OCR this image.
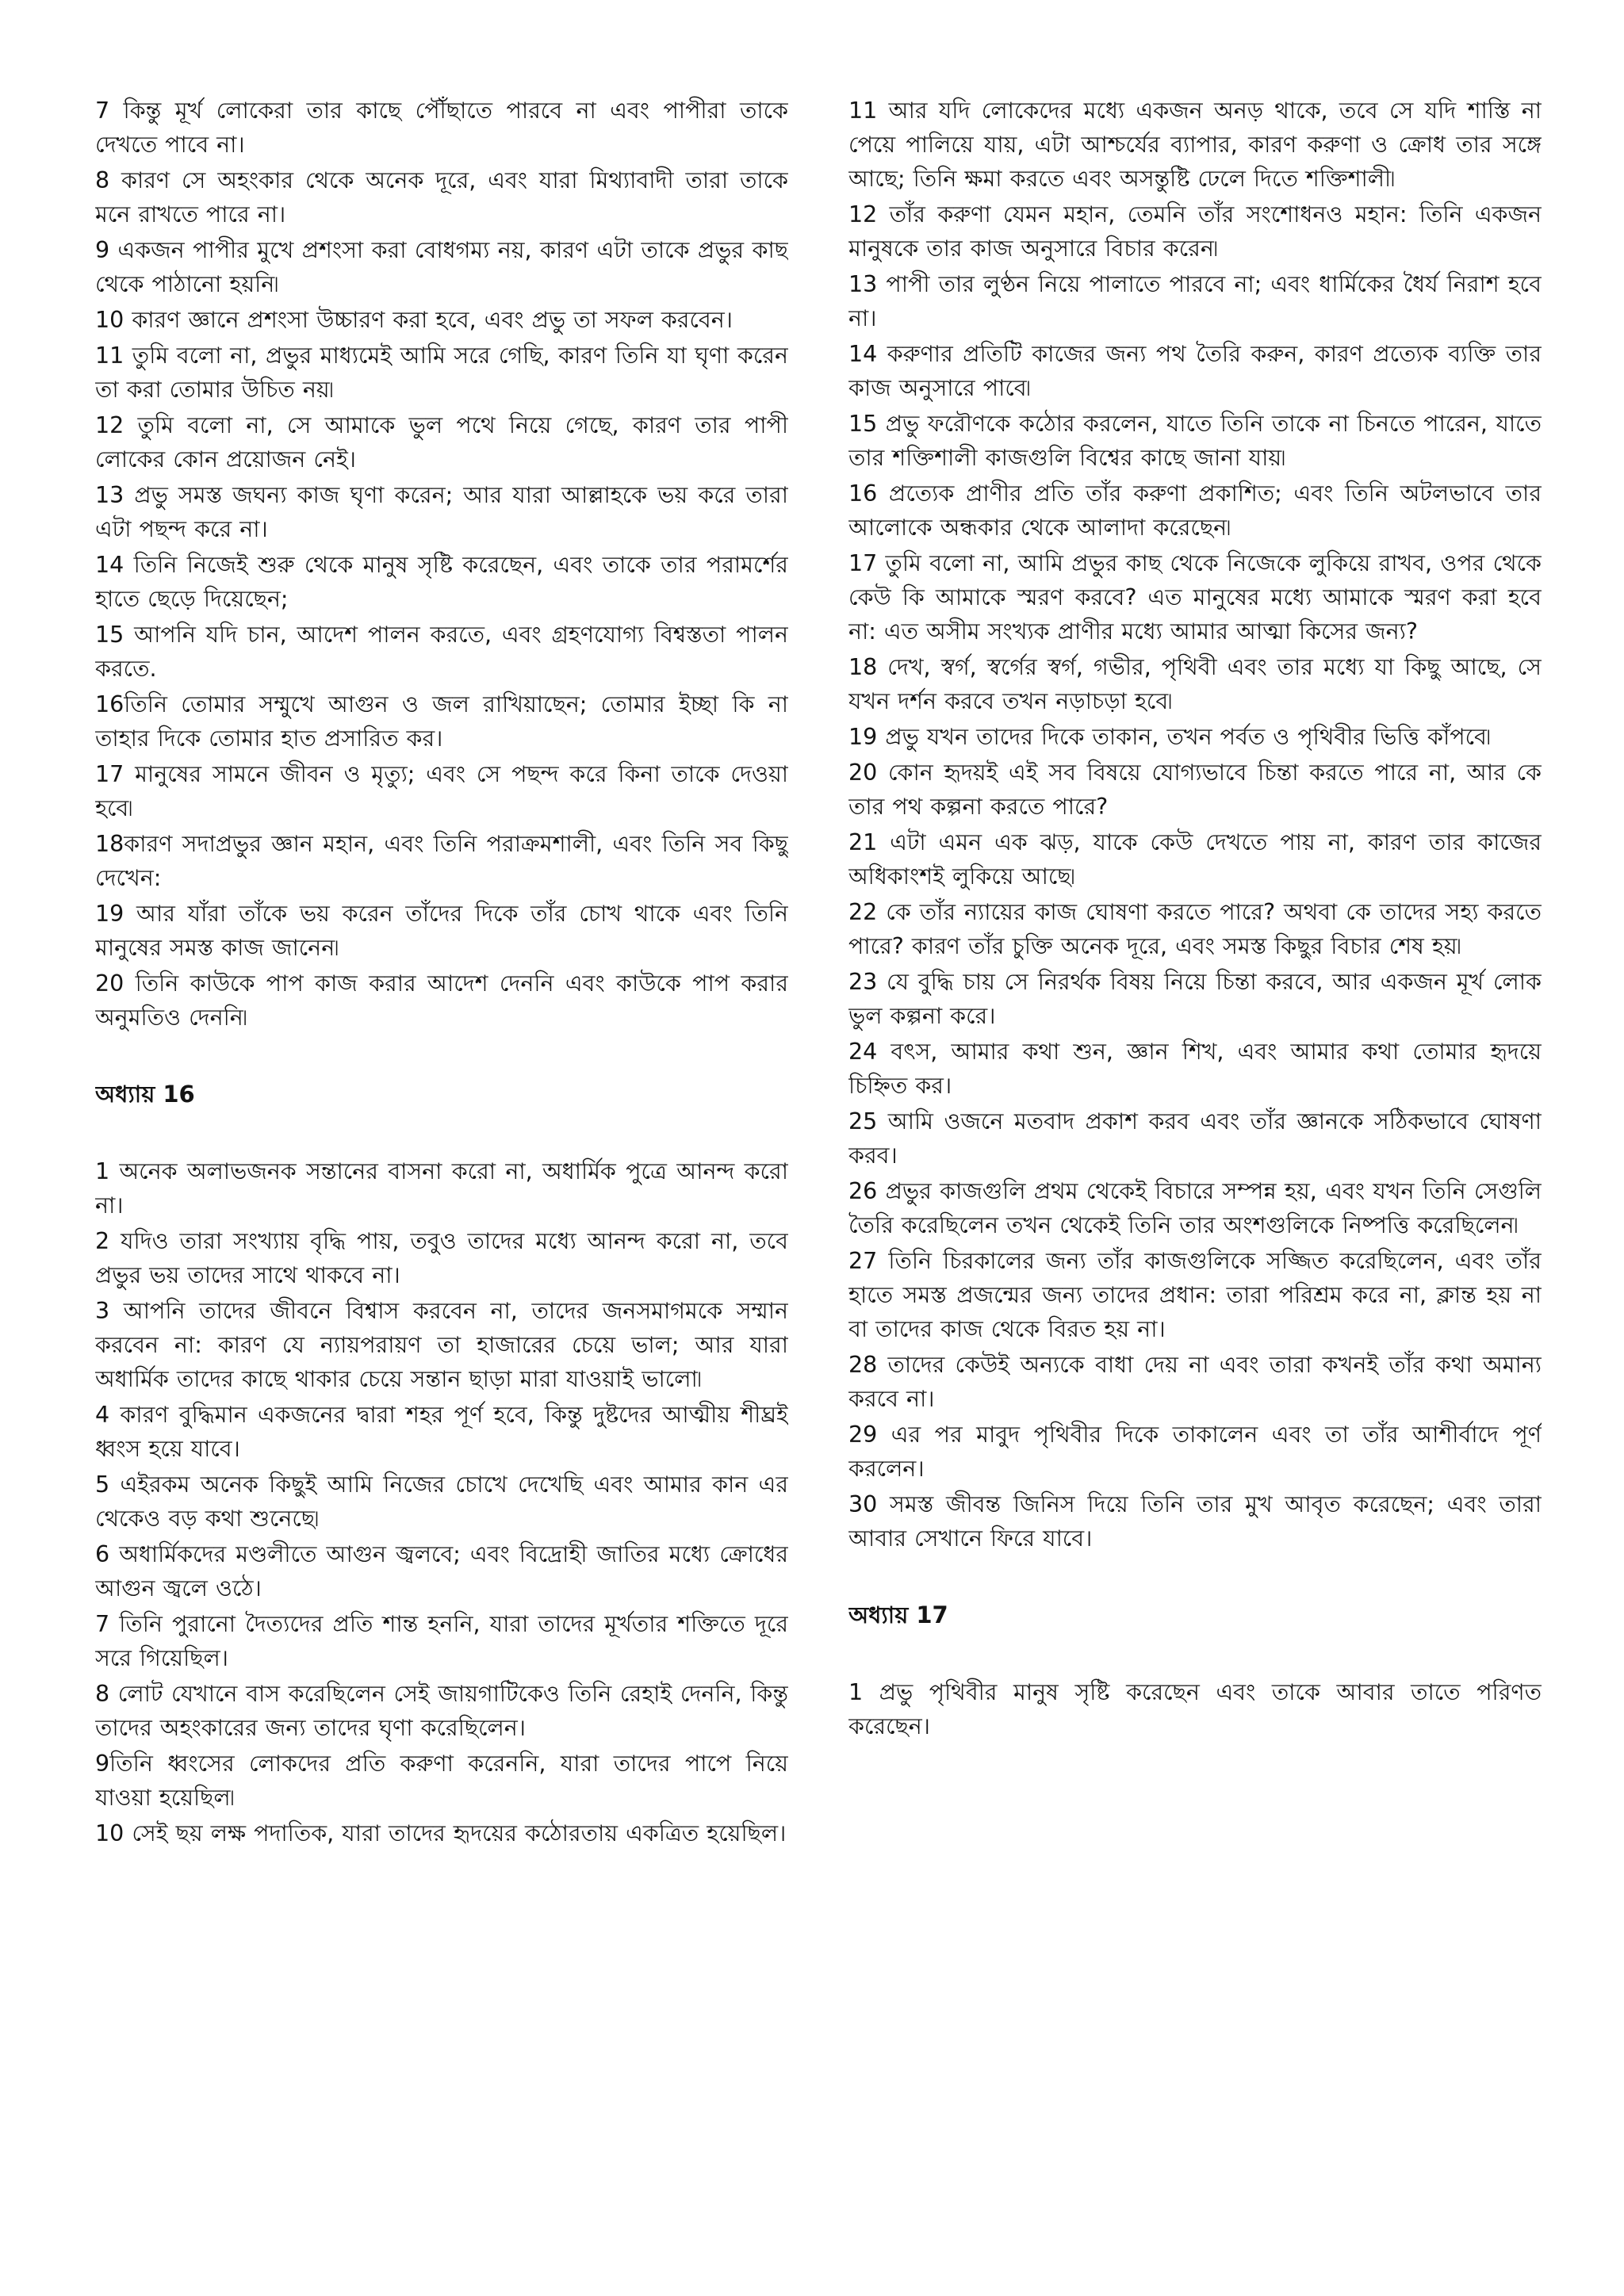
7 কিন্তু মূর্খ লোকেরা তার কাছে পৌঁছাতে পারবে না এবং পাপীরা তাকে দেখতে পাবে না।

8 কারণ সে অহংকার থেকে অনেক দূরে, এবং যারা মিথ্যাবাদী তারা তাকে মনে রাখতে পারে না।

9 একজন পাপীর মুখে প্রশংসা করা বোধগম্য নয়, কারণ এটা তাকে প্রভুর কাছ থেকে পাঠানো হয়নি৷

10 কারণ জ্ঞানে প্রশংসা উচ্চারণ করা হবে, এবং প্রভু তা সফল করবেন।

11 তুমি বলো না, প্রভুর মাধ্যমেই আমি সরে গেছি, কারণ তিনি যা ঘৃণা করেন তা করা তোমার উচিত নয়৷

12 তুমি বলো না, সে আমাকে ভুল পথে নিয়ে গেছে, কারণ তার পাপী লোকের কোন প্রয়োজন নেই।

13 প্রভু সমস্ত জঘন্য কাজ ঘৃণা করেন; আর যারা আল্লাহকে ভয় করে তারা এটা পছন্দ করে না।

14 তিনি নিজেই শুরু থেকে মানুষ সৃষ্টি করেছেন, এবং তাকে তার পরামর্শের হাতে ছেড়ে দিয়েছেন;

15 আপনি যদি চান, আদেশ পালন করতে, এবং গ্রহণযোগ্য বিশ্বস্ততা পালন করতে.

16তিনি তোমার সম্মুখে আগুন ও জল রাখিয়াছেন; তোমার ইচ্ছা কি না তাহার দিকে তোমার হাত প্রসারিত কর।

17 মানুষের সামনে জীবন ও মৃত্যু; এবং সে পছন্দ করে কিনা তাকে দেওয়া হবে৷

18কারণ সদাপ্রভুর জ্ঞান মহান, এবং তিনি পরাক্রমশালী, এবং তিনি সব কিছু দেখেন:

19 আর যাঁরা তাঁকে ভয় করেন তাঁদের দিকে তাঁর চোখ থাকে এবং তিনি মানুষের সমস্ত কাজ জানেন৷

20 তিনি কাউকে পাপ কাজ করার আদেশ দেননি এবং কাউকে পাপ করার অনুমতিও দেননি৷

অধ্যায় 16

1 অনেক অলাভজনক সন্তানের বাসনা করো না, অধার্মিক পুত্রে আনন্দ করো না।

2 যদিও তারা সংখ্যায় বৃদ্ধি পায়, তবুও তাদের মধ্যে আনন্দ করো না, তবে প্রভুর ভয় তাদের সাথে থাকবে না।

3 আপনি তাদের জীবনে বিশ্বাস করবেন না, তাদের জনসমাগমকে সম্মান করবেন না: কারণ যে ন্যায়পরায়ণ তা হাজারের চেয়ে ভাল; আর যারা অধার্মিক তাদের কাছে থাকার চেয়ে সন্তান ছাড়া মারা যাওয়াই ভালো৷

4 কারণ বুদ্ধিমান একজনের দ্বারা শহর পূর্ণ হবে, কিন্তু দুষ্টদের আত্মীয় শীঘ্রই ধ্বংস হয়ে যাবে।

5 এইরকম অনেক কিছুই আমি নিজের চোখে দেখেছি এবং আমার কান এর থেকেও বড় কথা শুনেছে৷

6 অধার্মিকদের মণ্ডলীতে আগুন জ্বলবে; এবং বিদ্রোহী জাতির মধ্যে ক্রোধের আগুন জ্বলে ওঠে।

7 তিনি পুরানো দৈত্যদের প্রতি শান্ত হননি, যারা তাদের মূর্খতার শক্তিতে দূরে সরে গিয়েছিল।

8 লোট যেখানে বাস করেছিলেন সেই জায়গাটিকেও তিনি রেহাই দেননি, কিন্তু তাদের অহংকারের জন্য তাদের ঘৃণা করেছিলেন।

9তিনি ধ্বংসের লোকদের প্রতি করুণা করেননি, যারা তাদের পাপে নিয়ে যাওয়া হয়েছিল৷

10 সেই ছয় লক্ষ পদাতিক, যারা তাদের হৃদয়ের কঠোরতায় একত্রিত হয়েছিল।

11 আর যদি লোকেদের মধ্যে একজন অনড় থাকে, তবে সে যদি শাস্তি না পেয়ে পালিয়ে যায়, এটা আশ্চর্যের ব্যাপার, কারণ করুণা ও ক্রোধ তার সঙ্গে আছে; তিনি ক্ষমা করতে এবং অসন্তুষ্টি ঢেলে দিতে শক্তিশালী৷

12 তাঁর করুণা যেমন মহান, তেমনি তাঁর সংশোধনও মহান: তিনি একজন মানুষকে তার কাজ অনুসারে বিচার করেন৷

13 পাপী তার লুণ্ঠন নিয়ে পালাতে পারবে না; এবং ধার্মিকের ধৈর্য নিরাশ হবে না।

14 করুণার প্রতিটি কাজের জন্য পথ তৈরি করুন, কারণ প্রত্যেক ব্যক্তি তার কাজ অনুসারে পাবে৷

15 প্রভু ফরৌণকে কঠোর করলেন, যাতে তিনি তাকে না চিনতে পারেন, যাতে তার শক্তিশালী কাজগুলি বিশ্বের কাছে জানা যায়৷

16 প্রত্যেক প্রাণীর প্রতি তাঁর করুণা প্রকাশিত; এবং তিনি অটলভাবে তার আলোকে অন্ধকার থেকে আলাদা করেছেন৷

17 তুমি বলো না, আমি প্রভুর কাছ থেকে নিজেকে লুকিয়ে রাখব, ওপর থেকে কেউ কি আমাকে স্মরণ করবে? এত মানুষের মধ্যে আমাকে স্মরণ করা হবে না: এত অসীম সংখ্যক প্রাণীর মধ্যে আমার আত্মা কিসের জন্য?

18 দেখ, স্বর্গ, স্বর্গের স্বর্গ, গভীর, পৃথিবী এবং তার মধ্যে যা কিছু আছে, সে যখন দর্শন করবে তখন নড়াচড়া হবে৷

19 প্রভু যখন তাদের দিকে তাকান, তখন পর্বত ও পৃথিবীর ভিত্তি কাঁপবে৷

20 কোন হৃদয়ই এই সব বিষয়ে যোগ্যভাবে চিন্তা করতে পারে না, আর কে তার পথ কল্পনা করতে পারে?

21 এটা এমন এক ঝড়, যাকে কেউ দেখতে পায় না, কারণ তার কাজের অধিকাংশই লুকিয়ে আছে৷

22 কে তাঁর ন্যায়ের কাজ ঘোষণা করতে পারে? অথবা কে তাদের সহ্য করতে পারে? কারণ তাঁর চুক্তি অনেক দূরে, এবং সমস্ত কিছুর বিচার শেষ হয়৷

23 যে বুদ্ধি চায় সে নিরর্থক বিষয় নিয়ে চিন্তা করবে, আর একজন মূর্খ লোক ভুল কল্পনা করে।

24 বৎস, আমার কথা শুন, জ্ঞান শিখ, এবং আমার কথা তোমার হৃদয়ে চিহ্নিত কর।

25 আমি ওজনে মতবাদ প্রকাশ করব এবং তাঁর জ্ঞানকে সঠিকভাবে ঘোষণা করব।

26 প্রভুর কাজগুলি প্রথম থেকেই বিচারে সম্পন্ন হয়, এবং যখন তিনি সেগুলি তৈরি করেছিলেন তখন থেকেই তিনি তার অংশগুলিকে নিষ্পত্তি করেছিলেন৷

27 তিনি চিরকালের জন্য তাঁর কাজগুলিকে সজ্জিত করেছিলেন, এবং তাঁর হাতে সমস্ত প্রজন্মের জন্য তাদের প্রধান: তারা পরিশ্রম করে না, ক্লান্ত হয় না বা তাদের কাজ থেকে বিরত হয় না।

28 তাদের কেউই অন্যকে বাধা দেয় না এবং তারা কখনই তাঁর কথা অমান্য করবে না।

29 এর পর মাবুদ পৃথিবীর দিকে তাকালেন এবং তা তাঁর আশীর্বাদে পূর্ণ করলেন।

30 সমস্ত জীবন্ত জিনিস দিয়ে তিনি তার মুখ আবৃত করেছেন; এবং তারা আবার সেখানে ফিরে যাবে।

অধ্যায় 17

1 প্রভু পৃথিবীর মানুষ সৃষ্টি করেছেন এবং তাকে আবার তাতে পরিণত করেছেন।
